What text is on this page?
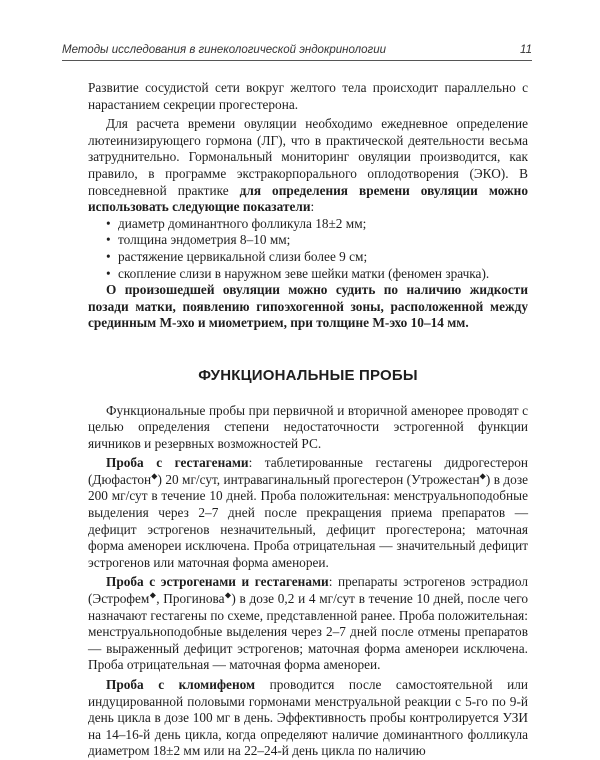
Методы исследования в гинекологической эндокринологии	11

Развитие сосудистой сети вокруг желтого тела происходит параллельно с нарастанием секреции прогестерона.

Для расчета времени овуляции необходимо ежедневное определение лютеинизирующего гормона (ЛГ), что в практической деятельности весьма затруднительно. Гормональный мониторинг овуляции производится, как правило, в программе экстракорпорального оплодотворения (ЭКО). В повседневной практике для определения времени овуляции можно использовать следующие показатели:

• диаметр доминантного фолликула 18±2 мм;
• толщина эндометрия 8–10 мм;
• растяжение цервикальной слизи более 9 см;
• скопление слизи в наружном зеве шейки матки (феномен зрачка).

О произошедшей овуляции можно судить по наличию жидкости позади матки, появлению гипоэхогенной зоны, расположенной между срединным М-эхо и миометрием, при толщине М-эхо 10–14 мм.

ФУНКЦИОНАЛЬНЫЕ ПРОБЫ

Функциональные пробы при первичной и вторичной аменорее проводят с целью определения степени недостаточности эстрогенной функции яичников и резервных возможностей РС.

Проба с гестагенами: таблетированные гестагены дидрогестерон (Дюфастон◆) 20 мг/сут, интравагинальный прогестерон (Утрожестан◆) в дозе 200 мг/сут в течение 10 дней. Проба положительная: менструальноподобные выделения через 2–7 дней после прекращения приема препаратов — дефицит эстрогенов незначительный, дефицит прогестерона; маточная форма аменореи исключена. Проба отрицательная — значительный дефицит эстрогенов или маточная форма аменореи.

Проба с эстрогенами и гестагенами: препараты эстрогенов эстрадиол (Эстрофем◆, Прогинова◆) в дозе 0,2 и 4 мг/сут в течение 10 дней, после чего назначают гестагены по схеме, представленной ранее. Проба положительная: менструальноподобные выделения через 2–7 дней после отмены препаратов — выраженный дефицит эстрогенов; маточная форма аменореи исключена. Проба отрицательная — маточная форма аменореи.

Проба с кломифеном проводится после самостоятельной или индуцированной половыми гормонами менструальной реакции с 5-го по 9-й день цикла в дозе 100 мг в день. Эффективность пробы контролируется УЗИ на 14–16-й день цикла, когда определяют наличие доминантного фолликула диаметром 18±2 мм или на 22–24-й день цикла по наличию
